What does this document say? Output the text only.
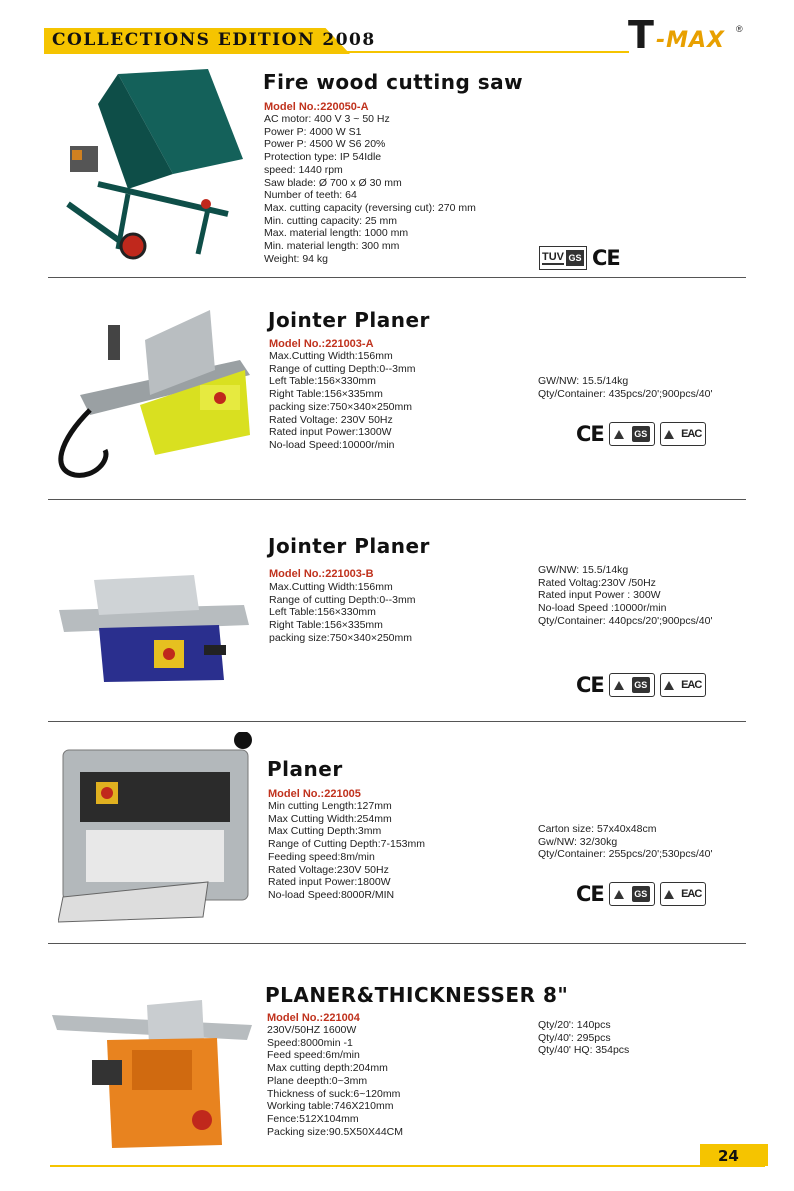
COLLECTIONS EDITION 2008	T -MAX ®
Fire wood cutting saw
Model No.:220050-A
AC motor: 400 V 3 ~ 50 Hz
Power P: 4000 W S1
Power P: 4500 W S6 20%
Protection type: IP 54Idle
speed: 1440 rpm
Saw blade: Ø 700 x Ø 30 mm
Number of teeth: 64
Max. cutting capacity (reversing cut): 270 mm
Min. cutting capacity: 25 mm
Max. material length: 1000 mm
Min. material length: 300 mm
Weight: 94 kg	TUV GS CE
Jointer Planer
Model No.:221003-A
Max.Cutting Width:156mm
Range of cutting Depth:0--3mm
Left Table:156×330mm
Right Table:156×335mm
packing size:750×340×250mm
Rated Voltage: 230V 50Hz
Rated input Power:1300W
No-load Speed:10000r/min
GW/NW: 15.5/14kg
Qty/Container: 435pcs/20';900pcs/40'
CE	GS	EAC
Jointer Planer
Model No.:221003-B
Max.Cutting Width:156mm
Range of cutting Depth:0--3mm
Left Table:156×330mm
Right Table:156×335mm
packing size:750×340×250mm
GW/NW: 15.5/14kg
Rated Voltag:230V /50Hz
Rated input Power : 300W
No-load Speed :10000r/min
Qty/Container: 440pcs/20';900pcs/40'
CE	GS	EAC
Planer
Model No.:221005
Min cutting Length:127mm
Max Cutting Width:254mm
Max Cutting Depth:3mm
Range of Cutting Depth:7-153mm
Feeding speed:8m/min
Rated Voltage:230V 50Hz
Rated input Power:1800W
No-load Speed:8000R/MIN
Carton size: 57x40x48cm
Gw/NW: 32/30kg
Qty/Container: 255pcs/20';530pcs/40'
CE	GS	EAC
PLANER&THICKNESSER 8"
Model No.:221004
230V/50HZ 1600W
Speed:8000min -1
Feed speed:6m/min
Max cutting depth:204mm
Plane deepth:0~3mm
Thickness of suck:6~120mm
Working table:746X210mm
Fence:512X104mm
Packing size:90.5X50X44CM
Qty/20': 140pcs
Qty/40': 295pcs
Qty/40' HQ: 354pcs
24
